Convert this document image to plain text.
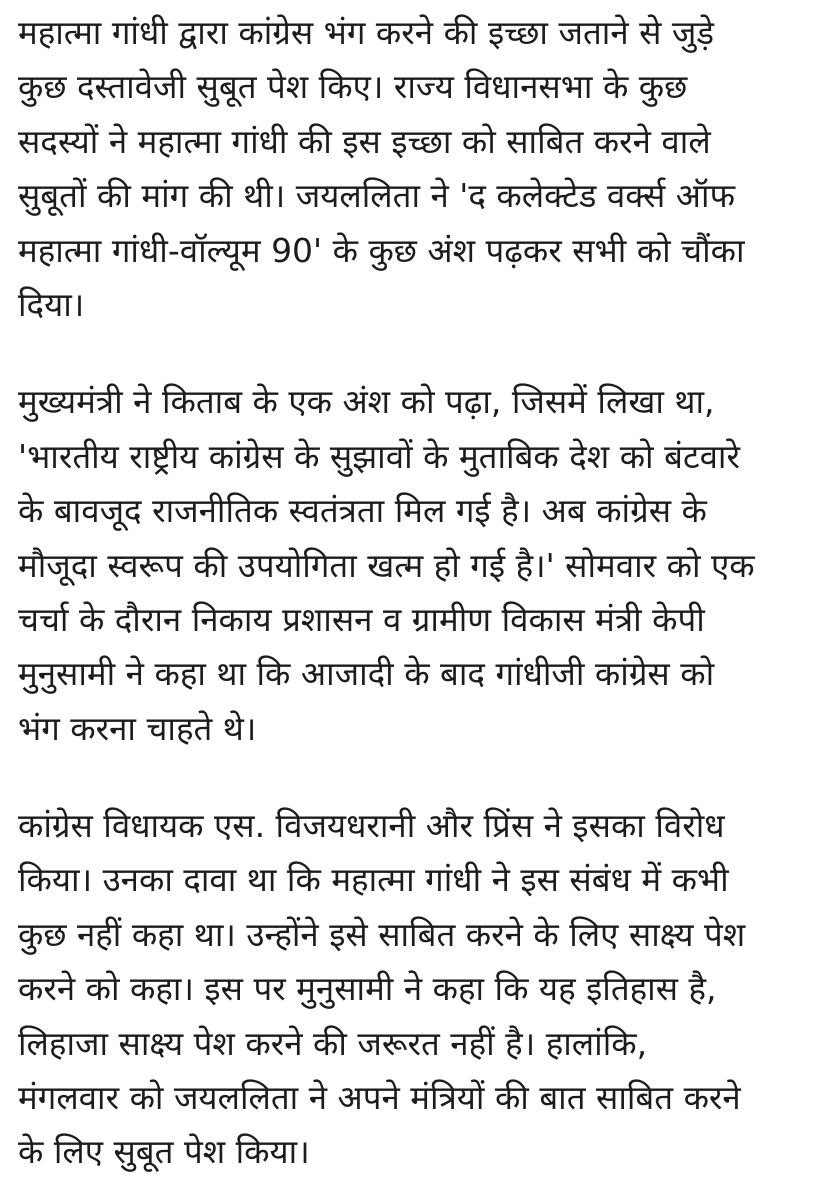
महात्मा गांधी द्वारा कांग्रेस भंग करने की इच्छा जताने से जुड़े
कुछ दस्तावेजी सुबूत पेश किए। राज्य विधानसभा के कुछ
सदस्यों ने महात्मा गांधी की इस इच्छा को साबित करने वाले
सुबूतों की मांग की थी। जयललिता ने 'द कलेक्टेड वर्क्स ऑफ
महात्मा गांधी-वॉल्यूम 90' के कुछ अंश पढ़कर सभी को चौंका
दिया।
मुख्यमंत्री ने किताब के एक अंश को पढ़ा, जिसमें लिखा था,
'भारतीय राष्ट्रीय कांग्रेस के सुझावों के मुताबिक देश को बंटवारे
के बावजूद राजनीतिक स्वतंत्रता मिल गई है। अब कांग्रेस के
मौजूदा स्वरूप की उपयोगिता खत्म हो गई है।' सोमवार को एक
चर्चा के दौरान निकाय प्रशासन व ग्रामीण विकास मंत्री केपी
मुनुसामी ने कहा था कि आजादी के बाद गांधीजी कांग्रेस को
भंग करना चाहते थे।
कांग्रेस विधायक एस. विजयधरानी और प्रिंस ने इसका विरोध
किया। उनका दावा था कि महात्मा गांधी ने इस संबंध में कभी
कुछ नहीं कहा था। उन्होंने इसे साबित करने के लिए साक्ष्य पेश
करने को कहा। इस पर मुनुसामी ने कहा कि यह इतिहास है,
लिहाजा साक्ष्य पेश करने की जरूरत नहीं है। हालांकि,
मंगलवार को जयललिता ने अपने मंत्रियों की बात साबित करने
के लिए सुबूत पेश किया।
